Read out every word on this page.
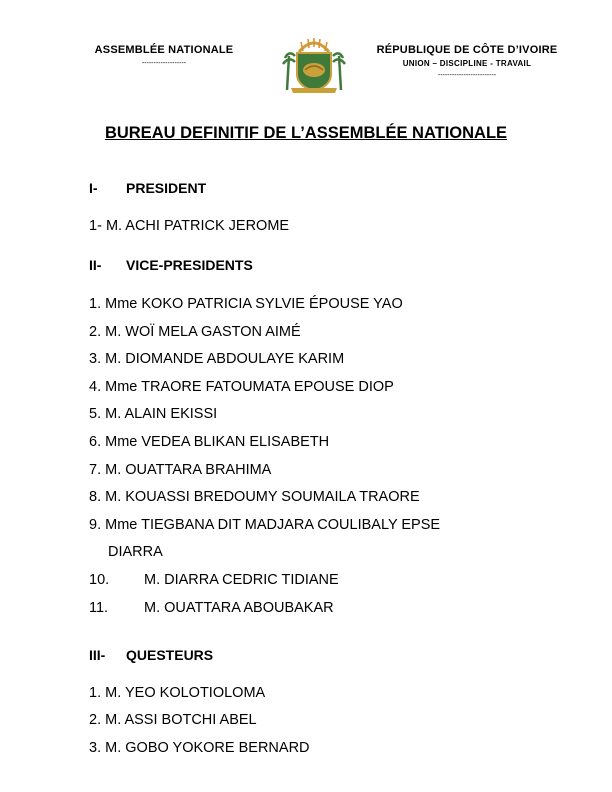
ASSEMBLÉE NATIONALE
-------------------
RÉPUBLIQUE DE CÔTE D’IVOIRE
UNION – DISCIPLINE - TRAVAIL
-------------------------
BUREAU DEFINITIF DE L’ASSEMBLÉE NATIONALE
I- PRESIDENT
1- M. ACHI PATRICK JEROME
II- VICE-PRESIDENTS
1. Mme KOKO PATRICIA SYLVIE ÉPOUSE YAO
2. M. WOÏ MELA GASTON AIMÉ
3. M. DIOMANDE ABDOULAYE KARIM
4. Mme TRAORE FATOUMATA EPOUSE DIOP
5. M. ALAIN EKISSI
6. Mme VEDEA BLIKAN ELISABETH
7. M. OUATTARA BRAHIMA
8. M. KOUASSI BREDOUMY SOUMAILA TRAORE
9. Mme TIEGBANA DIT MADJARA COULIBALY EPSE
DIARRA
10. M. DIARRA CEDRIC TIDIANE
11. M. OUATTARA ABOUBAKAR
III- QUESTEURS
1. M. YEO KOLOTIOLOMA
2. M. ASSI BOTCHI ABEL
3. M. GOBO YOKORE BERNARD
